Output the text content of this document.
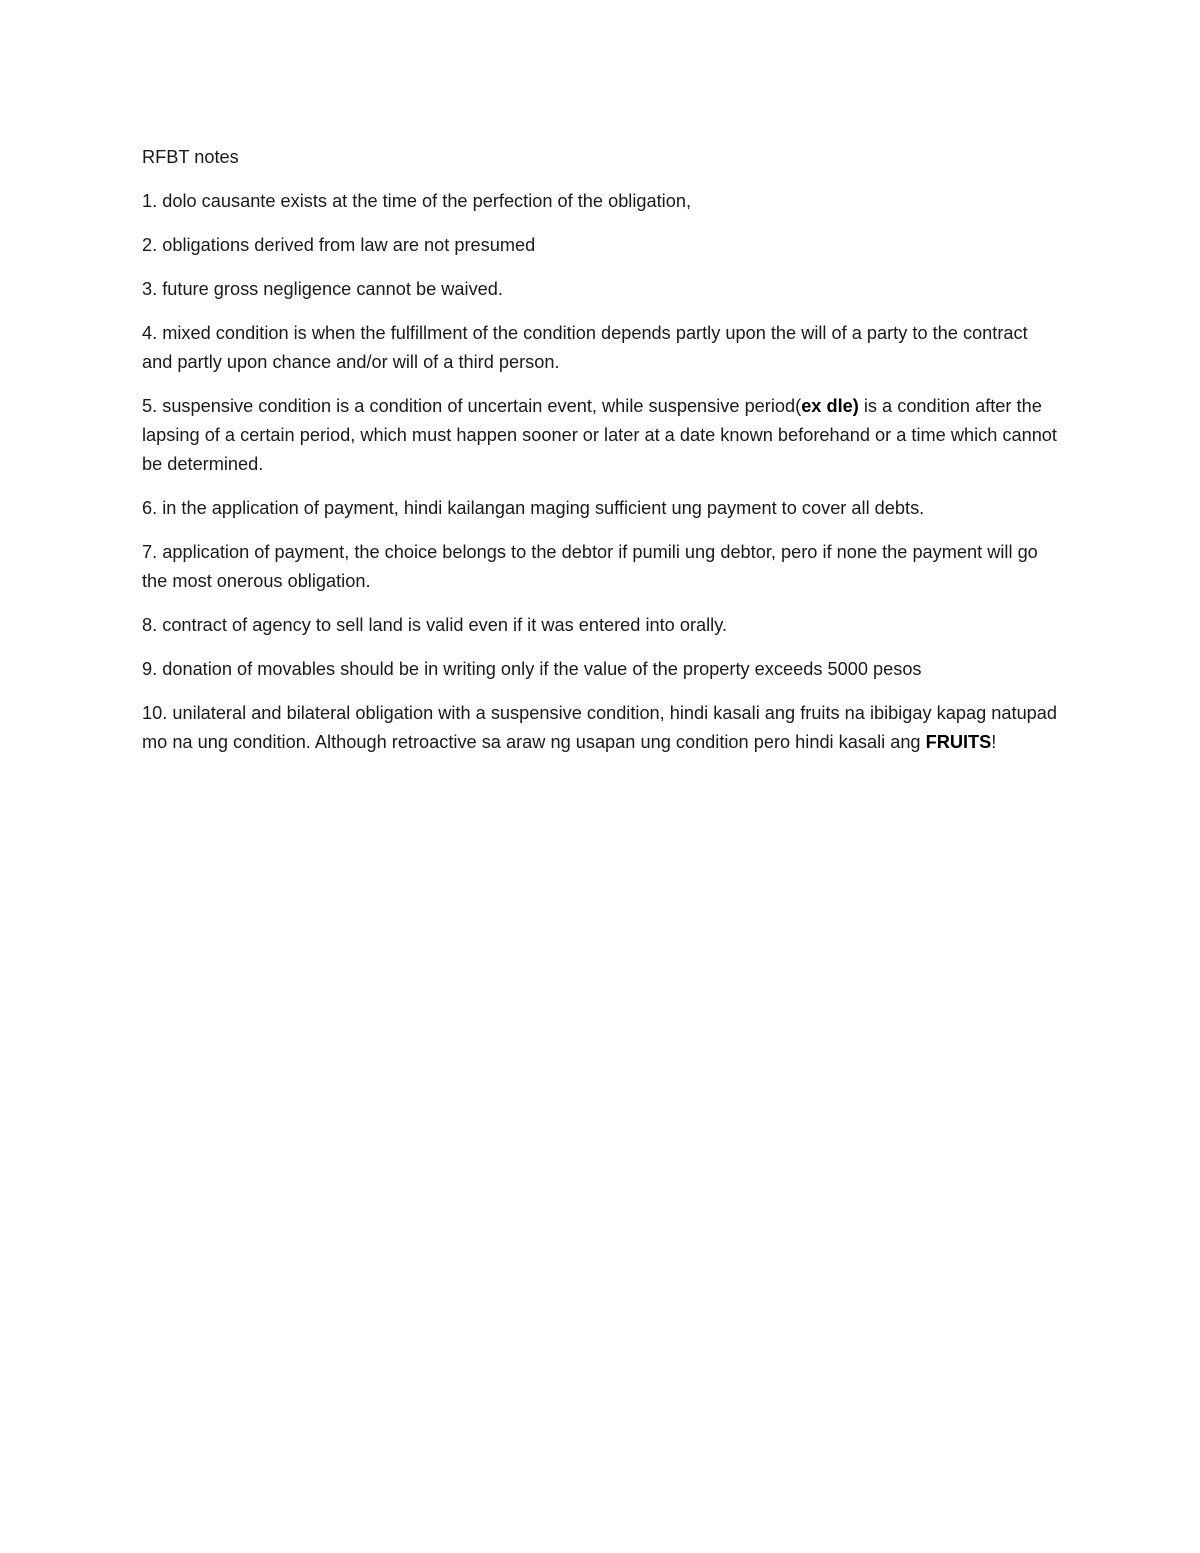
RFBT notes

1. dolo causante exists at the time of the perfection of the obligation,

2. obligations derived from law are not presumed

3. future gross negligence cannot be waived.

4. mixed condition is when the fulfillment of the condition depends partly upon the will of a party to the contract and partly upon chance and/or will of a third person.

5. suspensive condition is a condition of uncertain event, while suspensive period(ex dle) is a condition after the lapsing of a certain period, which must happen sooner or later at a date known beforehand or a time which cannot be determined.

6. in the application of payment, hindi kailangan maging sufficient ung payment to cover all debts.

7. application of payment, the choice belongs to the debtor if pumili ung debtor, pero if none the payment will go the most onerous obligation.

8. contract of agency to sell land is valid even if it was entered into orally.

9. donation of movables should be in writing only if the value of the property exceeds 5000 pesos

10. unilateral and bilateral obligation with a suspensive condition, hindi kasali ang fruits na ibibigay kapag natupad mo na ung condition. Although retroactive sa araw ng usapan ung condition pero hindi kasali ang FRUITS!
